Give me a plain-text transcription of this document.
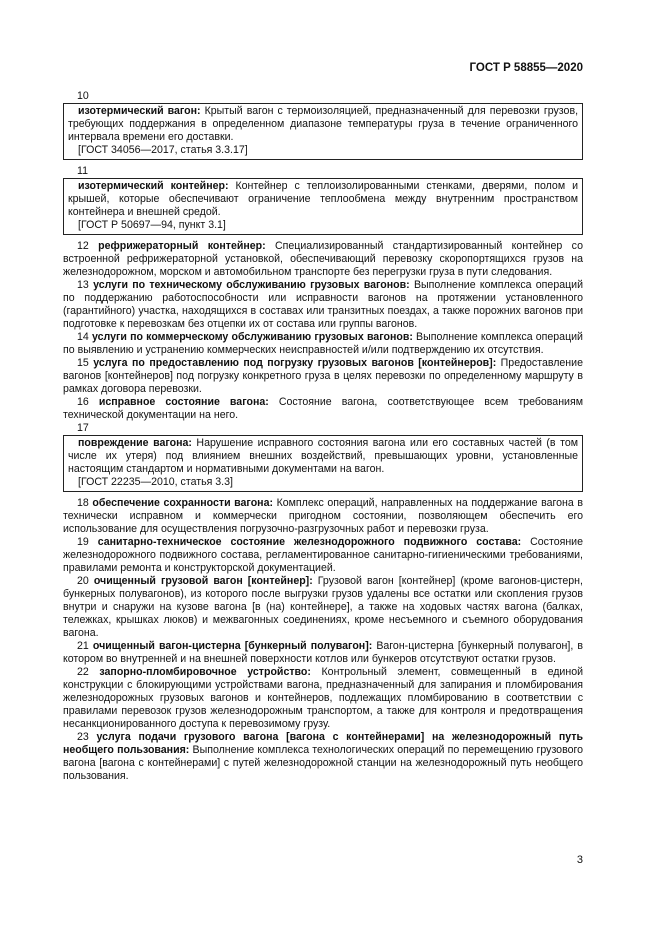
ГОСТ Р 58855—2020
10

изотермический вагон: Крытый вагон с термоизоляцией, предназначенный для перевозки грузов, требующих поддержания в определенном диапазоне температуры груза в течение ограниченного интервала времени его доставки.

[ГОСТ 34056—2017, статья 3.3.17]

11

изотермический контейнер: Контейнер с теплоизолированными стенками, дверями, полом и крышей, которые обеспечивают ограничение теплообмена между внутренним пространством контейнера и внешней средой.

[ГОСТ Р 50697—94, пункт 3.1]

12 рефрижераторный контейнер: Специализированный стандартизированный контейнер со встроенной рефрижераторной установкой, обеспечивающий перевозку скоропортящихся грузов на железнодорожном, морском и автомобильном транспорте без перегрузки груза в пути следования.

13 услуги по техническому обслуживанию грузовых вагонов: Выполнение комплекса операций по поддержанию работоспособности или исправности вагонов на протяжении установленного (гарантийного) участка, находящихся в составах или транзитных поездах, а также порожних вагонов при подготовке к перевозкам без отцепки их от состава или группы вагонов.

14 услуги по коммерческому обслуживанию грузовых вагонов: Выполнение комплекса операций по выявлению и устранению коммерческих неисправностей и/или подтверждению их отсутствия.

15 услуга по предоставлению под погрузку грузовых вагонов [контейнеров]: Предоставление вагонов [контейнеров] под погрузку конкретного груза в целях перевозки по определенному маршруту в рамках договора перевозки.

16 исправное состояние вагона: Состояние вагона, соответствующее всем требованиям технической документации на него.

17

повреждение вагона: Нарушение исправного состояния вагона или его составных частей (в том числе их утеря) под влиянием внешних воздействий, превышающих уровни, установленные настоящим стандартом и нормативными документами на вагон.

[ГОСТ 22235—2010, статья 3.3]

18 обеспечение сохранности вагона: Комплекс операций, направленных на поддержание вагона в технически исправном и коммерчески пригодном состоянии, позволяющем обеспечить его использование для осуществления погрузочно-разгрузочных работ и перевозки груза.

19 санитарно-техническое состояние железнодорожного подвижного состава: Состояние железнодорожного подвижного состава, регламентированное санитарно-гигиеническими требованиями, правилами ремонта и конструкторской документацией.

20 очищенный грузовой вагон [контейнер]: Грузовой вагон [контейнер] (кроме вагонов-цистерн, бункерных полувагонов), из которого после выгрузки грузов удалены все остатки или скопления грузов внутри и снаружи на кузове вагона [в (на) контейнере], а также на ходовых частях вагона (балках, тележках, крышках люков) и межвагонных соединениях, кроме несъемного и съемного оборудования вагона.

21 очищенный вагон-цистерна [бункерный полувагон]: Вагон-цистерна [бункерный полувагон], в котором во внутренней и на внешней поверхности котлов или бункеров отсутствуют остатки грузов.

22 запорно-пломбировочное устройство: Контрольный элемент, совмещенный в единой конструкции с блокирующими устройствами вагона, предназначенный для запирания и пломбирования железнодорожных грузовых вагонов и контейнеров, подлежащих пломбированию в соответствии с правилами перевозок грузов железнодорожным транспортом, а также для контроля и предотвращения несанкционированного доступа к перевозимому грузу.

23 услуга подачи грузового вагона [вагона с контейнерами] на железнодорожный путь необщего пользования: Выполнение комплекса технологических операций по перемещению грузового вагона [вагона с контейнерами] с путей железнодорожной станции на железнодорожный путь необщего пользования.

3
